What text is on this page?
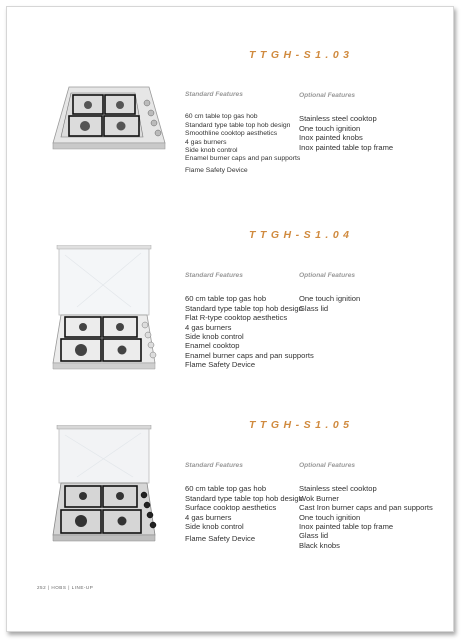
TTGH-S1.03
Standard Features
60 cm table top gas hob
Standard type table top hob design
Smoothline cooktop aesthetics
4 gas burners
Side knob control
Enamel burner caps and pan supports
Flame Safety Device
Optional Features
Stainless steel cooktop
One touch ignition
Inox painted knobs
Inox painted table top frame
TTGH-S1.04
Standard Features
60 cm table top gas hob
Standard type table top hob design
Flat R-type cooktop aesthetics
4 gas burners
Side knob control
Enamel cooktop
Enamel burner caps and pan supports
Flame Safety Device
Optional Features
One touch ignition
Glass lid
TTGH-S1.05
Standard Features
60 cm table top gas hob
Standard type table top hob design
Surface cooktop aesthetics
4 gas burners
Side knob control
Flame Safety Device
Optional Features
Stainless steel cooktop
Wok Burner
Cast Iron burner caps and pan supports
One touch ignition
Inox painted table top frame
Glass lid
Black knobs
252 | HOBS | LINE-UP
